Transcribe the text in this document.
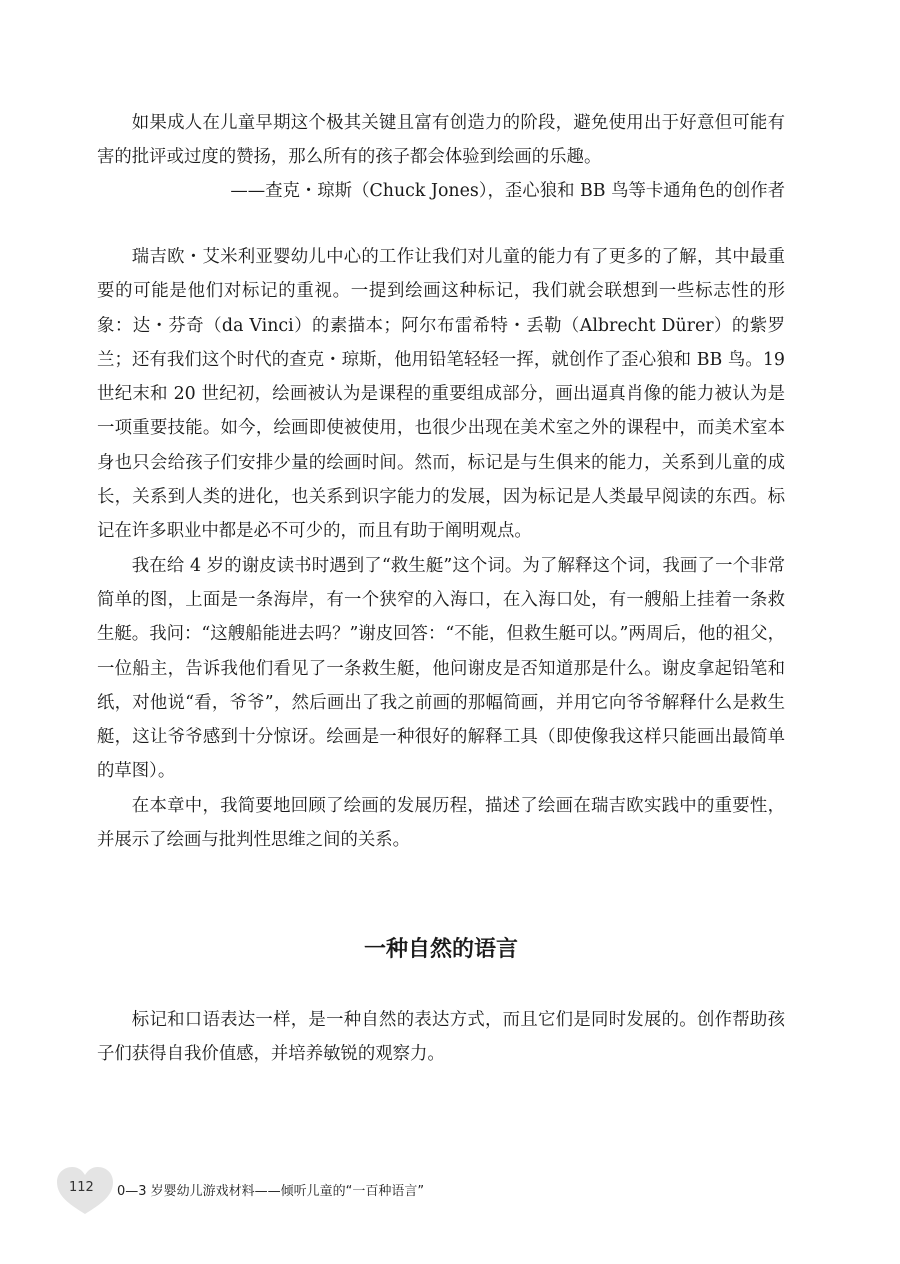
如果成人在儿童早期这个极其关键且富有创造力的阶段，避免使用出于好意但可能有害的批评或过度的赞扬，那么所有的孩子都会体验到绘画的乐趣。

——查克・琼斯（Chuck Jones），歪心狼和 BB 鸟等卡通角色的创作者

瑞吉欧・艾米利亚婴幼儿中心的工作让我们对儿童的能力有了更多的了解，其中最重要的可能是他们对标记的重视。一提到绘画这种标记，我们就会联想到一些标志性的形象：达・芬奇（da Vinci）的素描本；阿尔布雷希特・丢勒（Albrecht Dürer）的紫罗兰；还有我们这个时代的查克・琼斯，他用铅笔轻轻一挥，就创作了歪心狼和 BB 鸟。19 世纪末和 20 世纪初，绘画被认为是课程的重要组成部分，画出逼真肖像的能力被认为是一项重要技能。如今，绘画即使被使用，也很少出现在美术室之外的课程中，而美术室本身也只会给孩子们安排少量的绘画时间。然而，标记是与生俱来的能力，关系到儿童的成长，关系到人类的进化，也关系到识字能力的发展，因为标记是人类最早阅读的东西。标记在许多职业中都是必不可少的，而且有助于阐明观点。

我在给 4 岁的谢皮读书时遇到了“救生艇”这个词。为了解释这个词，我画了一个非常简单的图，上面是一条海岸，有一个狭窄的入海口，在入海口处，有一艘船上挂着一条救生艇。我问：“这艘船能进去吗？”谢皮回答：“不能，但救生艇可以。”两周后，他的祖父，一位船主，告诉我他们看见了一条救生艇，他问谢皮是否知道那是什么。谢皮拿起铅笔和纸，对他说“看，爷爷”，然后画出了我之前画的那幅简画，并用它向爷爷解释什么是救生艇，这让爷爷感到十分惊讶。绘画是一种很好的解释工具（即使像我这样只能画出最简单的草图）。

在本章中，我简要地回顾了绘画的发展历程，描述了绘画在瑞吉欧实践中的重要性，并展示了绘画与批判性思维之间的关系。

一种自然的语言

标记和口语表达一样，是一种自然的表达方式，而且它们是同时发展的。创作帮助孩子们获得自我价值感，并培养敏锐的观察力。

112 0—3 岁婴幼儿游戏材料——倾听儿童的“一百种语言”
